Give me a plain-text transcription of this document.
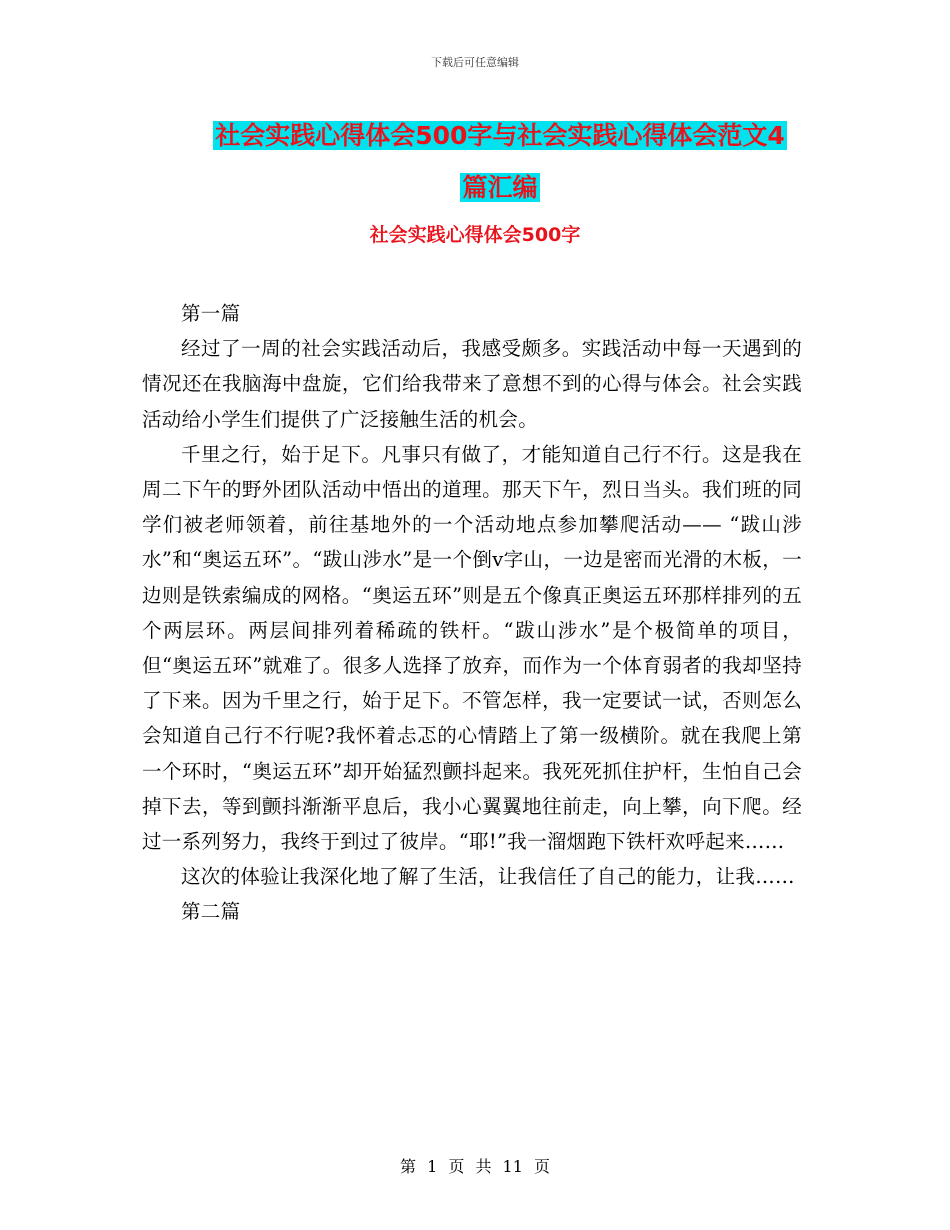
下载后可任意编辑
社会实践心得体会500字与社会实践心得体会范文4
篇汇编
社会实践心得体会500字

第一篇

经过了一周的社会实践活动后，我感受颇多。实践活动中每一天遇到的情况还在我脑海中盘旋，它们给我带来了意想不到的心得与体会。社会实践活动给小学生们提供了广泛接触生活的机会。

千里之行，始于足下。凡事只有做了，才能知道自己行不行。这是我在周二下午的野外团队活动中悟出的道理。那天下午，烈日当头。我们班的同学们被老师领着，前往基地外的一个活动地点参加攀爬活动—— “跋山涉水”和“奥运五环”。“跋山涉水”是一个倒v字山，一边是密而光滑的木板，一边则是铁索编成的网格。“奥运五环”则是五个像真正奥运五环那样排列的五个两层环。两层间排列着稀疏的铁杆。“跋山涉水”是个极简单的项目，但“奥运五环”就难了。很多人选择了放弃，而作为一个体育弱者的我却坚持了下来。因为千里之行，始于足下。不管怎样，我一定要试一试，否则怎么会知道自己行不行呢?我怀着忐忑的心情踏上了第一级横阶。就在我爬上第一个环时，“奥运五环”却开始猛烈颤抖起来。我死死抓住护杆，生怕自己会掉下去，等到颤抖渐渐平息后，我小心翼翼地往前走，向上攀，向下爬。经过一系列努力，我终于到过了彼岸。“耶!”我一溜烟跑下铁杆欢呼起来……

这次的体验让我深化地了解了生活，让我信任了自己的能力，让我……

第二篇

第 1 页 共 11 页
